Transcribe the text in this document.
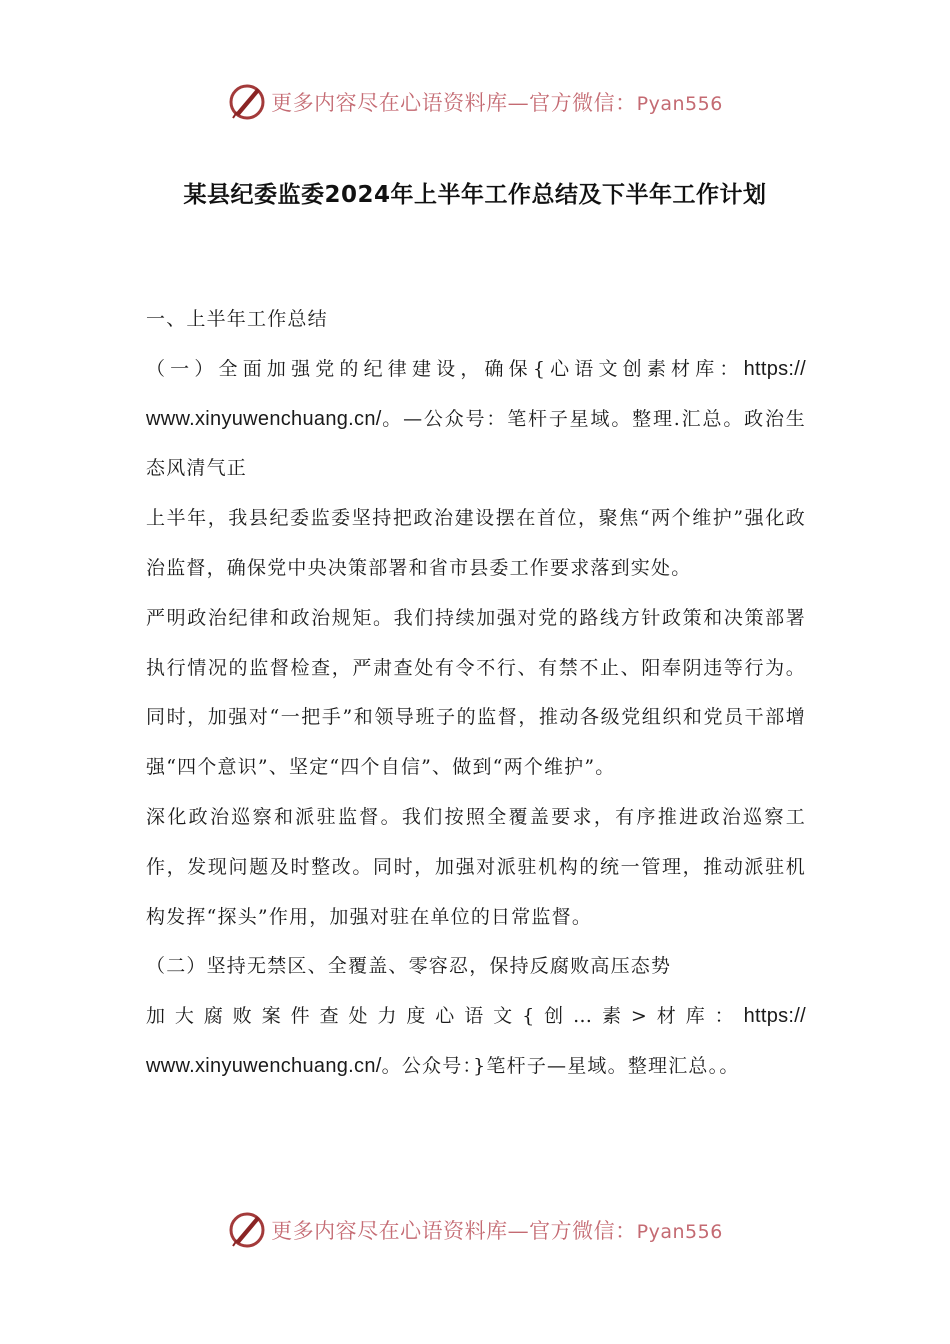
更多内容尽在心语资料库—官方微信：Pyan556
某县纪委监委2024年上半年工作总结及下半年工作计划

一、上半年工作总结

（一）全面加强党的纪律建设，确保{心语文创素材库：https:// www.xinyuwenchuang.cn/。—公众号：笔杆子星域。整理.汇总。政治生态风清气正

上半年，我县纪委监委坚持把政治建设摆在首位，聚焦“两个维护”强化政治监督，确保党中央决策部署和省市县委工作要求落到实处。

严明政治纪律和政治规矩。我们持续加强对党的路线方针政策和决策部署执行情况的监督检查，严肃查处有令不行、有禁不止、阳奉阴违等行为。同时，加强对“一把手”和领导班子的监督，推动各级党组织和党员干部增强“四个意识”、坚定“四个自信”、做到“两个维护”。

深化政治巡察和派驻监督。我们按照全覆盖要求，有序推进政治巡察工作，发现问题及时整改。同时，加强对派驻机构的统一管理，推动派驻机构发挥“探头”作用，加强对驻在单位的日常监督。

（二）坚持无禁区、全覆盖、零容忍，保持反腐败高压态势

加大腐败案件查处力度心语文{创…素>材库：https:// www.xinyuwenchuang.cn/。公众号：}笔杆子—星域。整理汇总。。

更多内容尽在心语资料库—官方微信：Pyan556
